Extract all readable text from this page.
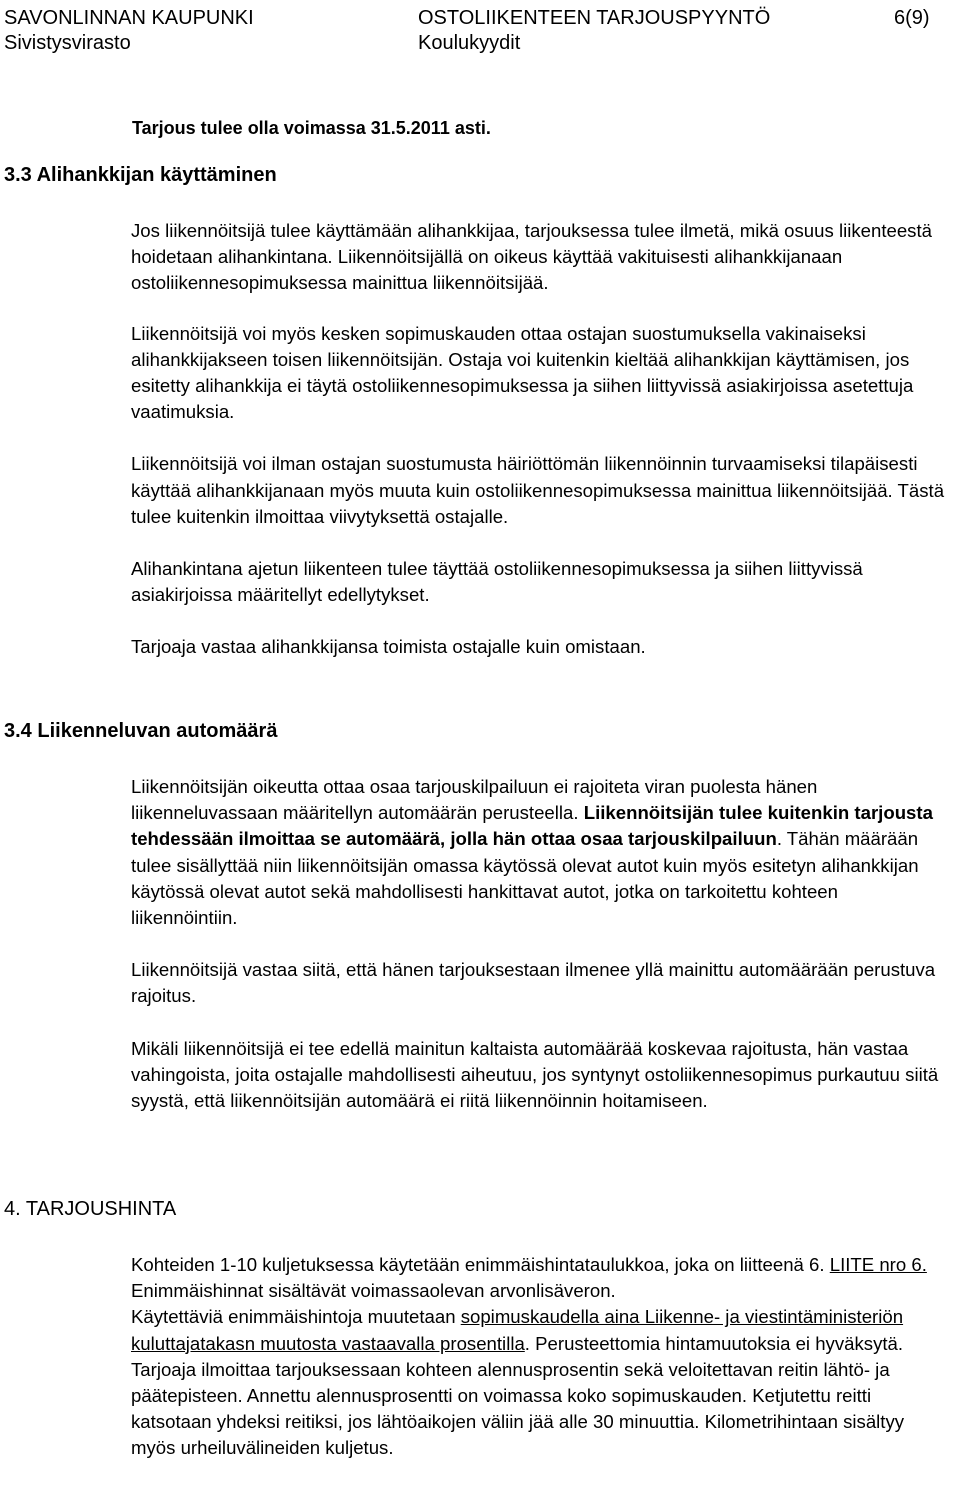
SAVONLINNAN KAUPUNKI
Sivistysvirasto
OSTOLIIKENTEEN TARJOUSPYYNTÖ
Koulukyydit
6(9)
Tarjous tulee olla voimassa 31.5.2011 asti.
3.3 Alihankkijan käyttäminen

Jos liikennöitsijä tulee käyttämään alihankkijaa, tarjouksessa tulee ilmetä, mikä osuus liikenteestä hoidetaan alihankintana. Liikennöitsijällä on oikeus käyttää vakituisesti alihankkijanaan ostoliikennesopimuksessa mainittua liikennöitsijää.

Liikennöitsijä voi myös kesken sopimuskauden ottaa ostajan suostumuksella vakinaiseksi alihankkijakseen toisen liikennöitsijän. Ostaja voi kuitenkin kieltää alihankkijan käyttämisen, jos esitetty alihankkija ei täytä ostoliikennesopimuksessa ja siihen liittyvissä asiakirjoissa asetettuja vaatimuksia.

Liikennöitsijä voi ilman ostajan suostumusta häiriöttömän liikennöinnin turvaamiseksi tilapäisesti käyttää alihankkijanaan myös muuta kuin ostoliikennesopimuksessa mainittua liikennöitsijää. Tästä tulee kuitenkin ilmoittaa viivytyksettä ostajalle.

Alihankintana ajetun liikenteen tulee täyttää ostoliikennesopimuksessa ja siihen liittyvissä asiakirjoissa määritellyt edellytykset.

Tarjoaja vastaa alihankkijansa toimista ostajalle kuin omistaan.

3.4 Liikenneluvan automäärä

Liikennöitsijän oikeutta ottaa osaa tarjouskilpailuun ei rajoiteta viran puolesta hänen liikenneluvassaan määritellyn automäärän perusteella. Liikennöitsijän tulee kuitenkin tarjousta tehdessään ilmoittaa se automäärä, jolla hän ottaa osaa tarjouskilpailuun. Tähän määrään tulee sisällyttää niin liikennöitsijän omassa käytössä olevat autot kuin myös esitetyn alihankkijan käytössä olevat autot sekä mahdollisesti hankittavat autot, jotka on tarkoitettu kohteen liikennöintiin.

Liikennöitsijä vastaa siitä, että hänen tarjouksestaan ilmenee yllä mainittu automäärään perustuva rajoitus.

Mikäli liikennöitsijä ei tee edellä mainitun kaltaista automäärää koskevaa rajoitusta, hän vastaa vahingoista, joita ostajalle mahdollisesti aiheutuu, jos syntynyt ostoliikennesopimus purkautuu siitä syystä, että liikennöitsijän automäärä ei riitä liikennöinnin hoitamiseen.

4. TARJOUSHINTA

Kohteiden 1-10 kuljetuksessa käytetään enimmäishintataulukkoa, joka on liitteenä 6. LIITE nro 6. Enimmäishinnat sisältävät voimassaolevan arvonlisäveron.

Käytettäviä enimmäishintoja muutetaan sopimuskaudella aina Liikenne- ja viestintäministeriön kuluttajatakasn muutosta vastaavalla prosentilla. Perusteettomia hintamuutoksia ei hyväksytä.

Tarjoaja ilmoittaa tarjouksessaan kohteen alennusprosentin sekä veloitettavan reitin lähtö- ja päätepisteen. Annettu alennusprosentti on voimassa koko sopimuskauden. Ketjutettu reitti katsotaan yhdeksi reitiksi, jos lähtöaikojen väliin jää alle 30 minuuttia. Kilometrihintaan sisältyy myös urheiluvälineiden kuljetus.
